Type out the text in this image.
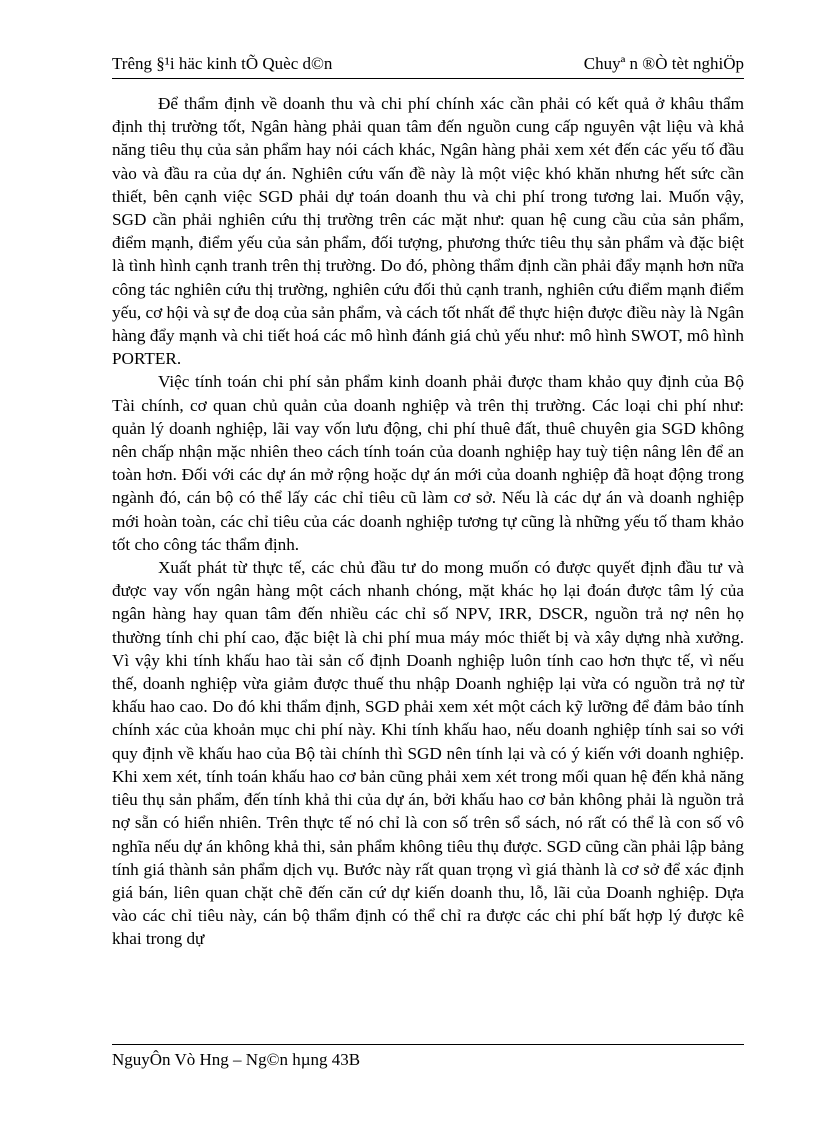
Trêng §¹i häc kinh tÕ Quèc d©n	Chuyª n ®Ò tèt nghiÖp

Để thẩm định về doanh thu và chi phí chính xác cần phải có kết quả ở khâu thẩm định thị trường tốt, Ngân hàng phải quan tâm đến nguồn cung cấp nguyên vật liệu và khả năng tiêu thụ của sản phẩm hay nói cách khác, Ngân hàng phải xem xét đến các yếu tố đầu vào và đầu ra của dự án. Nghiên cứu vấn đề này là một việc khó khăn nhưng hết sức cần thiết, bên cạnh việc SGD phải dự toán doanh thu và chi phí trong tương lai. Muốn vậy, SGD cần phải nghiên cứu thị trường trên các mặt như: quan hệ cung cầu của sản phẩm, điểm mạnh, điểm yếu của sản phẩm, đối tượng, phương thức tiêu thụ sản phẩm và đặc biệt là tình hình cạnh tranh trên thị trường. Do đó, phòng thẩm định cần phải đẩy mạnh hơn nữa công tác nghiên cứu thị trường, nghiên cứu đối thủ cạnh tranh, nghiên cứu điểm mạnh điểm yếu, cơ hội và sự đe doạ của sản phẩm, và cách tốt nhất để thực hiện được điều này là Ngân hàng đẩy mạnh và chi tiết hoá các mô hình đánh giá chủ yếu như: mô hình SWOT, mô hình PORTER.

Việc tính toán chi phí sản phẩm kinh doanh phải được tham khảo quy định của Bộ Tài chính, cơ quan chủ quản của doanh nghiệp và trên thị trường. Các loại chi phí như: quản lý doanh nghiệp, lãi vay vốn lưu động, chi phí thuê đất, thuê chuyên gia SGD không nên chấp nhận mặc nhiên theo cách tính toán của doanh nghiệp hay tuỳ tiện nâng lên để an toàn hơn. Đối với các dự án mở rộng hoặc dự án mới của doanh nghiệp đã hoạt động trong ngành đó, cán bộ có thể lấy các chỉ tiêu cũ làm cơ sở. Nếu là các dự án và doanh nghiệp mới hoàn toàn, các chỉ tiêu của các doanh nghiệp tương tự cũng là những yếu tố tham khảo tốt cho công tác thẩm định.

Xuất phát từ thực tế, các chủ đầu tư do mong muốn có được quyết định đầu tư và được vay vốn ngân hàng một cách nhanh chóng, mặt khác họ lại đoán được tâm lý của ngân hàng hay quan tâm đến nhiều các chỉ số NPV, IRR, DSCR, nguồn trả nợ nên họ thường tính chi phí cao, đặc biệt là chi phí mua máy móc thiết bị và xây dựng nhà xưởng. Vì vậy khi tính khấu hao tài sản cố định Doanh nghiệp luôn tính cao hơn thực tế, vì nếu thế, doanh nghiệp vừa giảm được thuế thu nhập Doanh nghiệp lại vừa có nguồn trả nợ từ khấu hao cao. Do đó khi thẩm định, SGD phải xem xét một cách kỹ lưỡng để đảm bảo tính chính xác của khoản mục chi phí này. Khi tính khấu hao, nếu doanh nghiệp tính sai so với quy định về khấu hao của Bộ tài chính thì SGD nên tính lại và có ý kiến với doanh nghiệp. Khi xem xét, tính toán khấu hao cơ bản cũng phải xem xét trong mối quan hệ đến khả năng tiêu thụ sản phẩm, đến tính khả thi của dự án, bởi khấu hao cơ bản không phải là nguồn trả nợ sẵn có hiển nhiên. Trên thực tế nó chỉ là con số trên sổ sách, nó rất có thể là con số vô nghĩa nếu dự án không khả thi, sản phẩm không tiêu thụ được. SGD cũng cần phải lập bảng tính giá thành sản phẩm dịch vụ. Bước này rất quan trọng vì giá thành là cơ sở để xác định giá bán, liên quan chặt chẽ đến căn cứ dự kiến doanh thu, lỗ, lãi của Doanh nghiệp. Dựa vào các chỉ tiêu này, cán bộ thẩm định có thể chỉ ra được các chi phí bất hợp lý được kê khai trong dự

NguyÔn Vò Hng – Ng©n hµng 43B
